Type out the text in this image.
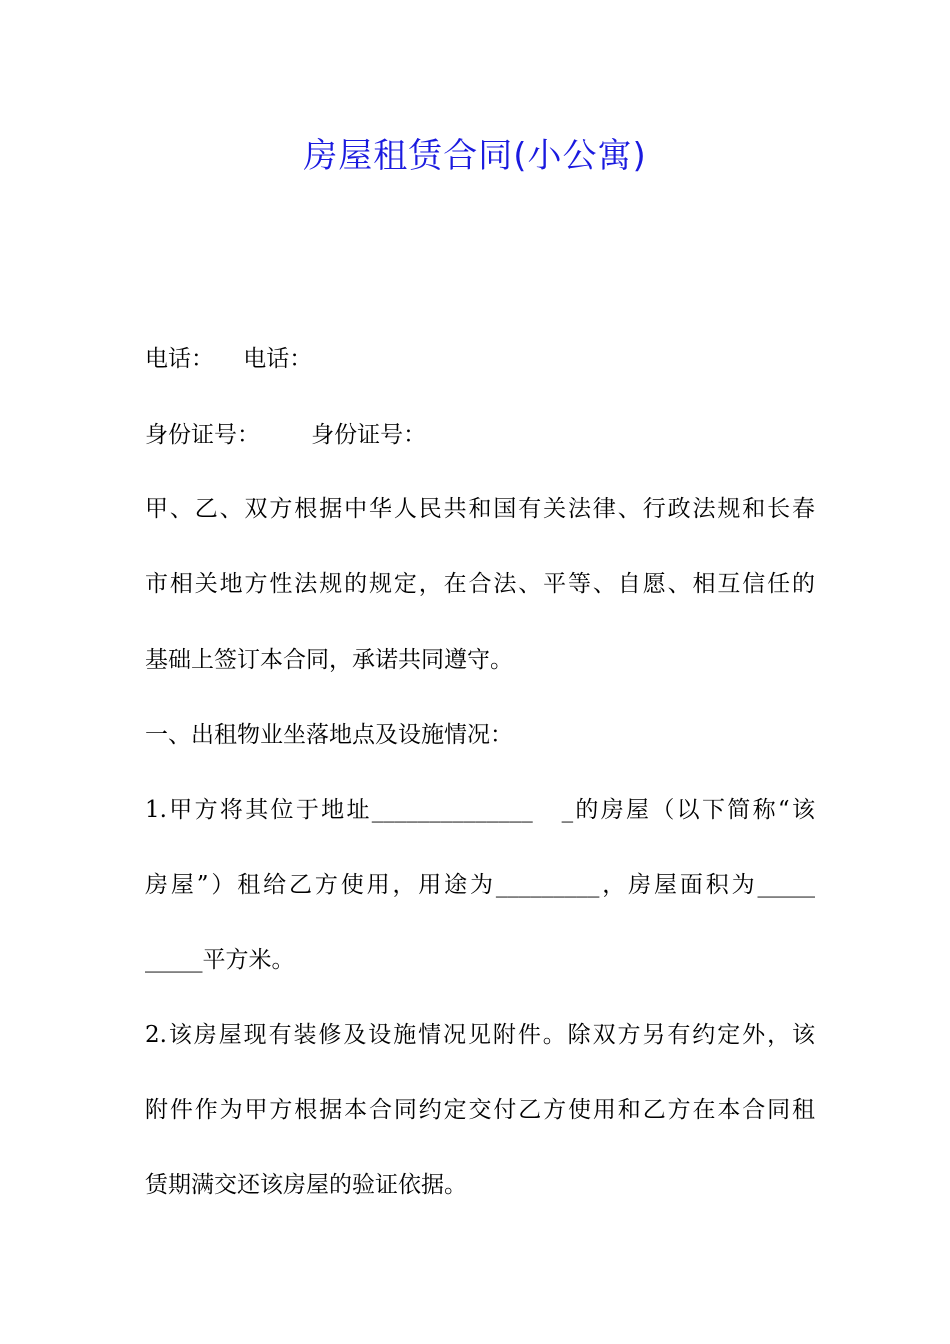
房屋租赁合同(小公寓)
电话：    电话：
身份证号：       身份证号：
甲、乙、双方根据中华人民共和国有关法律、行政法规和长春
市相关地方性法规的规定，在合法、平等、自愿、相互信任的
基础上签订本合同，承诺共同遵守。
一、出租物业坐落地点及设施情况：
1.甲方将其位于地址______________   _的房屋（以下简称“该
房屋”）租给乙方使用，用途为_________，房屋面积为_____
_____平方米。
2.该房屋现有装修及设施情况见附件。除双方另有约定外，该
附件作为甲方根据本合同约定交付乙方使用和乙方在本合同租
赁期满交还该房屋的验证依据。
